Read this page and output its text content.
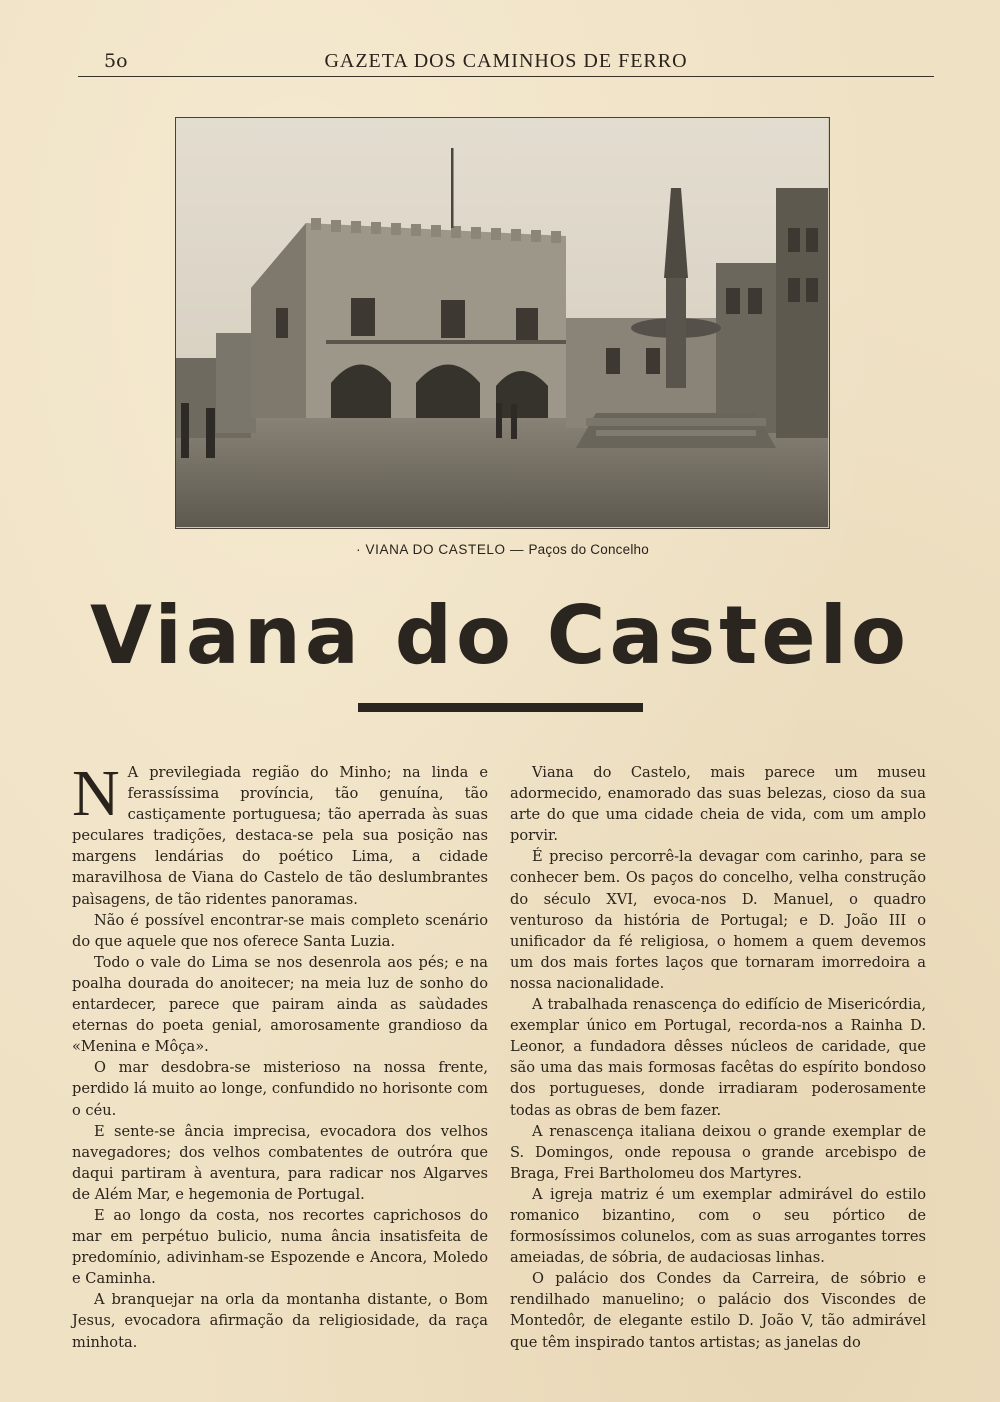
5o	GAZETA DOS CAMINHOS DE FERRO
· VIANA DO CASTELO — Paços do Concelho
Viana do Castelo

N A previlegiada região do Minho; na linda e ferassíssima província, tão genuína, tão castiçamente portuguesa; tão aperrada às suas peculares tradições, destaca-se pela sua posição nas margens lendárias do poético Lima, a cidade maravilhosa de Viana do Castelo de tão deslumbrantes paìsagens, de tão ridentes panoramas.

Não é possível encontrar-se mais completo scenário do que aquele que nos oferece Santa Luzia.

Todo o vale do Lima se nos desenrola aos pés; e na poalha dourada do anoitecer; na meia luz de sonho do entardecer, parece que pairam ainda as saùdades eternas do poeta genial, amorosamente grandioso da «Menina e Môça».

O mar desdobra-se misterioso na nossa frente, perdido lá muito ao longe, confundido no horisonte com o céu.

E sente-se ância imprecisa, evocadora dos velhos navegadores; dos velhos combatentes de outróra que daqui partiram à aventura, para radicar nos Algarves de Além Mar, e hegemonia de Portugal.

E ao longo da costa, nos recortes caprichosos do mar em perpétuo bulicio, numa ância insatisfeita de predomínio, adivinham-se Espozende e Ancora, Moledo e Caminha.

A branquejar na orla da montanha distante, o Bom Jesus, evocadora afirmação da religiosidade, da raça minhota.

Viana do Castelo, mais parece um museu adormecido, enamorado das suas belezas, cioso da sua arte do que uma cidade cheia de vida, com um amplo porvir.

É preciso percorrê-la devagar com carinho, para se conhecer bem. Os paços do concelho, velha construção do século XVI, evoca-nos D. Manuel, o quadro venturoso da história de Portugal; e D. João III o unificador da fé religiosa, o homem a quem devemos um dos mais fortes laços que tornaram imorredoira a nossa nacionalidade.

A trabalhada renascença do edifício de Misericórdia, exemplar único em Portugal, recorda-nos a Rainha D. Leonor, a fundadora dêsses núcleos de caridade, que são uma das mais formosas facêtas do espírito bondoso dos portugueses, donde irradiaram poderosamente todas as obras de bem fazer.

A renascença italiana deixou o grande exemplar de S. Domingos, onde repousa o grande arcebispo de Braga, Frei Bartholomeu dos Martyres.

A igreja matriz é um exemplar admirável do estilo romanico bizantino, com o seu pórtico de formosíssimos colunelos, com as suas arrogantes torres ameiadas, de sóbria, de audaciosas linhas.

O palácio dos Condes da Carreira, de sóbrio e rendilhado manuelino; o palácio dos Viscondes de Montedôr, de elegante estilo D. João V, tão admirável que têm inspirado tantos artistas; as janelas do
